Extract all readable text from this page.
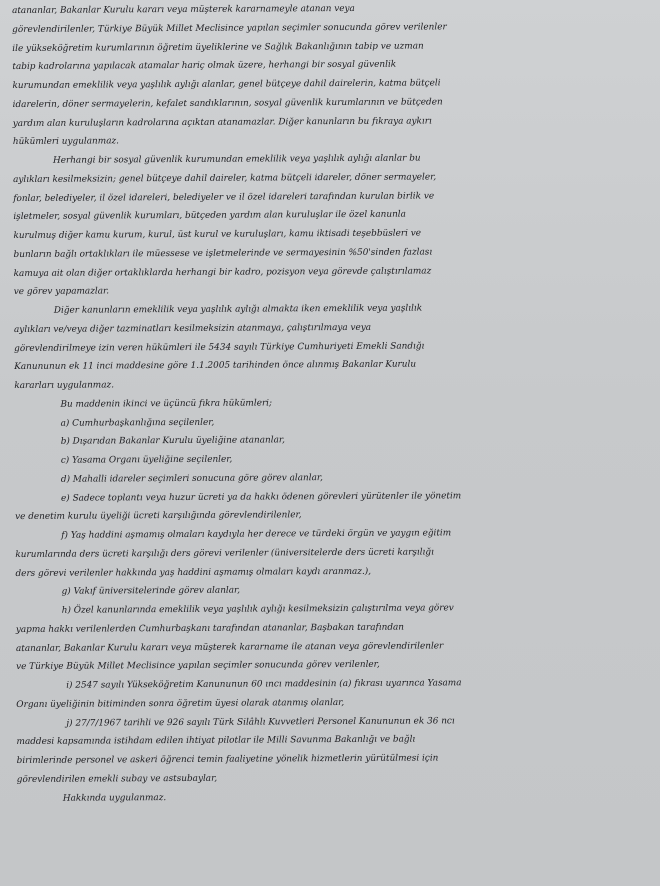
atananlar, Bakanlar Kurulu kararı veya müşterek kararnameyle atanan veya
görevlendirilenler, Türkiye Büyük Millet Meclisince yapılan seçimler sonucunda görev verilenler
ile yükseköğretim kurumlarının öğretim üyeliklerine ve Sağlık Bakanlığının tabip ve uzman
tabip kadrolarına yapılacak atamalar hariç olmak üzere, herhangi bir sosyal güvenlik
kurumundan emeklilik veya yaşlılık aylığı alanlar, genel bütçeye dahil dairelerin, katma bütçeli
idarelerin, döner sermayelerin, kefalet sandıklarının, sosyal güvenlik kurumlarının ve bütçeden
yardım alan kuruluşların kadrolarına açıktan atanamazlar. Diğer kanunların bu fıkraya aykırı
hükümleri uygulanmaz.
Herhangi bir sosyal güvenlik kurumundan emeklilik veya yaşlılık aylığı alanlar bu
aylıkları kesilmeksizin; genel bütçeye dahil daireler, katma bütçeli idareler, döner sermayeler,
fonlar, belediyeler, il özel idareleri, belediyeler ve il özel idareleri tarafından kurulan birlik ve
işletmeler, sosyal güvenlik kurumları, bütçeden yardım alan kuruluşlar ile özel kanunla
kurulmuş diğer kamu kurum, kurul, üst kurul ve kuruluşları, kamu iktisadi teşebbüsleri ve
bunların bağlı ortaklıkları ile müessese ve işletmelerinde ve sermayesinin %50'sinden fazlası
kamuya ait olan diğer ortaklıklarda herhangi bir kadro, pozisyon veya görevde çalıştırılamaz
ve görev yapamazlar.
Diğer kanunların emeklilik veya yaşlılık aylığı almakta iken emeklilik veya yaşlılık
aylıkları ve/veya diğer tazminatları kesilmeksizin atanmaya, çalıştırılmaya veya
görevlendirilmeye izin veren hükümleri ile 5434 sayılı Türkiye Cumhuriyeti Emekli Sandığı
Kanununun ek 11 inci maddesine göre 1.1.2005 tarihinden önce alınmış Bakanlar Kurulu
kararları uygulanmaz.
Bu maddenin ikinci ve üçüncü fıkra hükümleri;
a) Cumhurbaşkanlığına seçilenler,
b) Dışarıdan Bakanlar Kurulu üyeliğine atananlar,
c) Yasama Organı üyeliğine seçilenler,
d) Mahalli idareler seçimleri sonucuna göre görev alanlar,
e) Sadece toplantı veya huzur ücreti ya da hakkı ödenen görevleri yürütenler ile yönetim
ve denetim kurulu üyeliği ücreti karşılığında görevlendirilenler,
f) Yaş haddini aşmamış olmaları kaydıyla her derece ve türdeki örgün ve yaygın eğitim
kurumlarında ders ücreti karşılığı ders görevi verilenler (üniversitelerde ders ücreti karşılığı
ders görevi verilenler hakkında yaş haddini aşmamış olmaları kaydı aranmaz.),
g) Vakıf üniversitelerinde görev alanlar,
h) Özel kanunlarında emeklilik veya yaşlılık aylığı kesilmeksizin çalıştırılma veya görev
yapma hakkı verilenlerden Cumhurbaşkanı tarafından atananlar, Başbakan tarafından
atananlar, Bakanlar Kurulu kararı veya müşterek kararname ile atanan veya görevlendirilenler
ve Türkiye Büyük Millet Meclisince yapılan seçimler sonucunda görev verilenler,
i) 2547 sayılı Yükseköğretim Kanununun 60 ıncı maddesinin (a) fıkrası uyarınca Yasama
Organı üyeliğinin bitiminden sonra öğretim üyesi olarak atanmış olanlar,
j) 27/7/1967 tarihli ve 926 sayılı Türk Silâhlı Kuvvetleri Personel Kanununun ek 36 ncı
maddesi kapsamında istihdam edilen ihtiyat pilotlar ile Milli Savunma Bakanlığı ve bağlı
birimlerinde personel ve askeri öğrenci temin faaliyetine yönelik hizmetlerin yürütülmesi için
görevlendirilen emekli subay ve astsubaylar,
Hakkında uygulanmaz.
